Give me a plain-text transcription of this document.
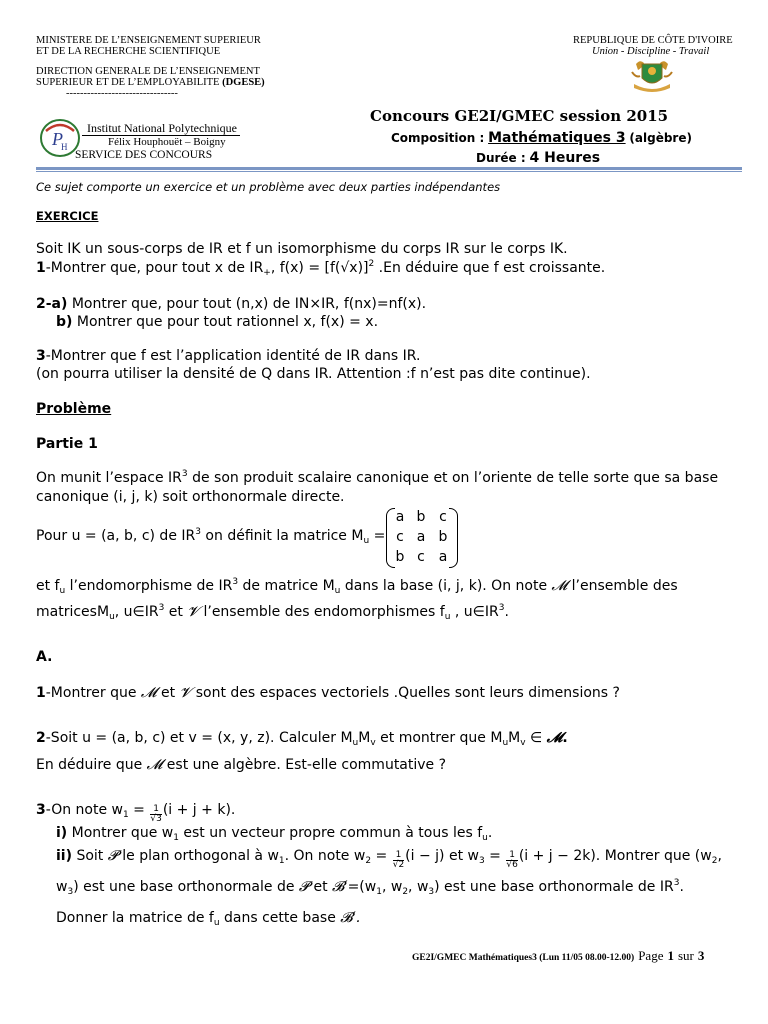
MINISTERE DE L’ENSEIGNEMENT SUPERIEUR
ET DE LA RECHERCHE SCIENTIFIQUE
DIRECTION GENERALE DE L’ENSEIGNEMENT
SUPERIEUR ET DE L’EMPLOYABILITE (DGESE)
--------------------------------
REPUBLIQUE DE CÔTE D'IVOIRE
Union - Discipline - Travail
P
H
Institut National Polytechnique
Félix Houphouët – Boigny
SERVICE DES CONCOURS
Concours GE2I/GMEC session 2015
Composition : Mathématiques 3 (algèbre)
Durée : 4 Heures
Ce sujet comporte un exercice et un problème avec deux parties indépendantes
EXERCICE
Soit IK un sous-corps de IR et f un isomorphisme du corps IR sur le corps IK.
1-Montrer que, pour tout x de $IR_+$, $f(x) = [f(√x)]^2$ .En déduire que f est croissante.
2-a) Montrer que, pour tout (n,x) de IN×IR, f(nx)=nf(x).
b) Montrer que pour tout rationnel x, f(x) = x.
3-Montrer que f est l’application identité de IR dans IR.
(on pourra utiliser la densité de Q dans IR. Attention :f n’est pas dite continue).
Problème
Partie 1
On munit l’espace $IR^3$ de son produit scalaire canonique et on l’oriente de telle sorte que sa base
canonique (i, j, k) soit orthonormale directe.
Pour u = (a, b, c) de $IR^3$ on définit la matrice $M_u$ =
a b c
c a b
b c a
et $f_u$ l’endomorphisme de $IR^3$ de matrice $M_u$ dans la base (i, j, k). On note 𝓜 l’ensemble des
matricesM$_u$, $u\in IR^3$ et 𝓥 l’ensemble des endomorphismes $f_u$ , $u\in IR^3$.
A.
1-Montrer que 𝓜 et 𝓥 sont des espaces vectoriels .Quelles sont leurs dimensions ?
2-Soit u = (a, b, c) et v = (x, y, z). Calculer $M_uM_v$ et montrer que $M_uM_v$ ∈ 𝓜.
En déduire que 𝓜 est une algèbre. Est-elle commutative ?
3-On note $w_1 = \frac{1}{√3} (i + j + k)$.
i) Montrer que $w_1$ est un vecteur propre commun à tous les $f_u$.
ii) Soit 𝓟 le plan orthogonal à $w_1$. On note $w_2 = \frac{1}{√2} (i - j)$ et $w_3 = \frac{1}{√6} (i + j - 2k)$. Montrer que ($w_2$,
$w_3$) est une base orthonormale de 𝓟 et $𝓑'=(w_1$, $w_2$, $w_3$) est une base orthonormale de $IR^3$.
Donner la matrice de $f_u$ dans cette base 𝓑′.
GE2I/GMEC Mathématiques3 (Lun 11/05 08.00-12.00) Page 1 sur 3
